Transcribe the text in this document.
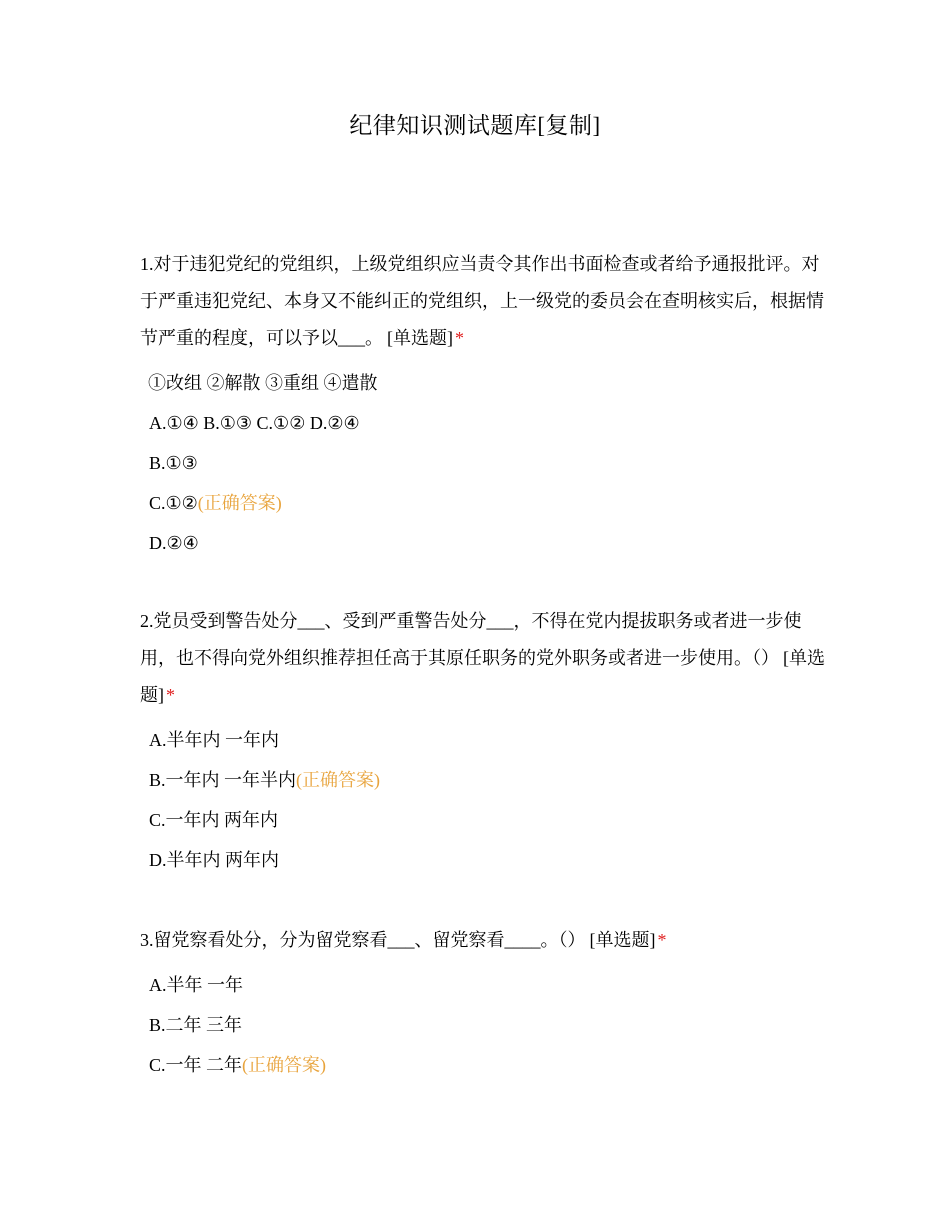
纪律知识测试题库[复制]

1.对于违犯党纪的党组织，上级党组织应当责令其作出书面检查或者给予通报批评。对于严重违犯党纪、本身又不能纠正的党组织，上一级党的委员会在查明核实后，根据情节严重的程度，可以予以___。 [单选题] *

①改组 ②解散 ③重组 ④遣散

A.①④ B.①③ C.①② D.②④
B.①③
C.①②(正确答案)
D.②④

2.党员受到警告处分___、受到严重警告处分___，不得在党内提拔职务或者进一步使用，也不得向党外组织推荐担任高于其原任职务的党外职务或者进一步使用。（） [单选题] *

A.半年内 一年内
B.一年内 一年半内(正确答案)
C.一年内 两年内
D.半年内 两年内

3.留党察看处分，分为留党察看___、留党察看____。（） [单选题] *

A.半年 一年
B.二年 三年
C.一年 二年(正确答案)
